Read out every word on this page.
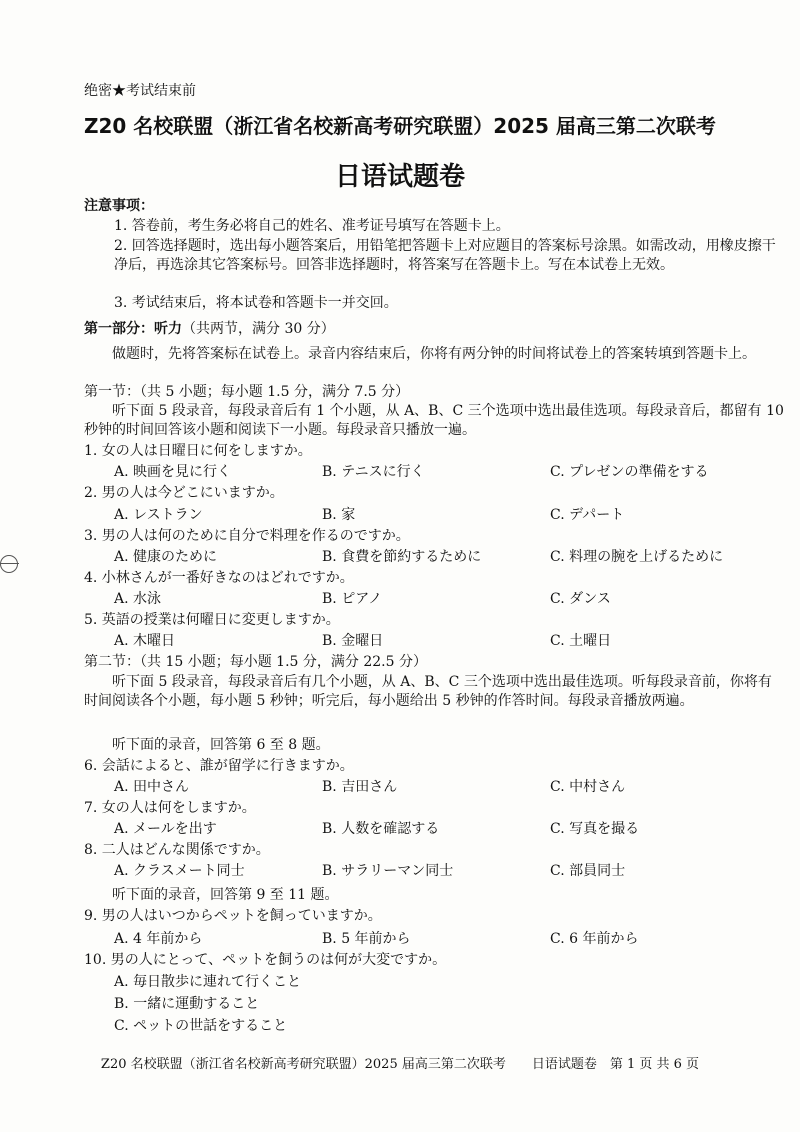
绝密★考试结束前
Z20 名校联盟（浙江省名校新高考研究联盟）2025 届高三第二次联考
日语试题卷
注意事项：
1. 答卷前，考生务必将自己的姓名、准考证号填写在答题卡上。
2. 回答选择题时，选出每小题答案后，用铅笔把答题卡上对应题目的答案标号涂黑。如需改动，用橡皮擦干净后，再选涂其它答案标号。回答非选择题时，将答案写在答题卡上。写在本试卷上无效。
3. 考试结束后，将本试卷和答题卡一并交回。
第一部分：听力（共两节，满分 30 分）
做题时，先将答案标在试卷上。录音内容结束后，你将有两分钟的时间将试卷上的答案转填到答题卡上。
第一节：（共 5 小题；每小题 1.5 分，满分 7.5 分）
听下面 5 段录音，每段录音后有 1 个小题，从 A、B、C 三个选项中选出最佳选项。每段录音后，都留有 10 秒钟的时间回答该小题和阅读下一小题。每段录音只播放一遍。
1. 女の人は日曜日に何をしますか。
A. 映画を見に行く	B. テニスに行く	C. プレゼンの準備をする
2. 男の人は今どこにいますか。
A. レストラン	B. 家	C. デパート
3. 男の人は何のために自分で料理を作るのですか。
A. 健康のために	B. 食費を節約するために	C. 料理の腕を上げるために
4. 小林さんが一番好きなのはどれですか。
A. 水泳	B. ピアノ	C. ダンス
5. 英語の授業は何曜日に変更しますか。
A. 木曜日	B. 金曜日	C. 土曜日
第二节：（共 15 小题；每小题 1.5 分，满分 22.5 分）
听下面 5 段录音，每段录音后有几个小题，从 A、B、C 三个选项中选出最佳选项。听每段录音前，你将有时间阅读各个小题，每小题 5 秒钟；听完后，每小题给出 5 秒钟的作答时间。每段录音播放两遍。
听下面的录音，回答第 6 至 8 题。
6. 会話によると、誰が留学に行きますか。
A. 田中さん	B. 吉田さん	C. 中村さん
7. 女の人は何をしますか。
A. メールを出す	B. 人数を確認する	C. 写真を撮る
8. 二人はどんな関係ですか。
A. クラスメート同士	B. サラリーマン同士	C. 部員同士
听下面的录音，回答第 9 至 11 题。
9. 男の人はいつからペットを飼っていますか。
A. 4 年前から	B. 5 年前から	C. 6 年前から
10. 男の人にとって、ペットを飼うのは何が大変ですか。
A. 毎日散歩に連れて行くこと
B. 一緒に運動すること
C. ペットの世話をすること
Z20 名校联盟（浙江省名校新高考研究联盟）2025 届高三第二次联考　　日语试题卷　第 1 页 共 6 页
